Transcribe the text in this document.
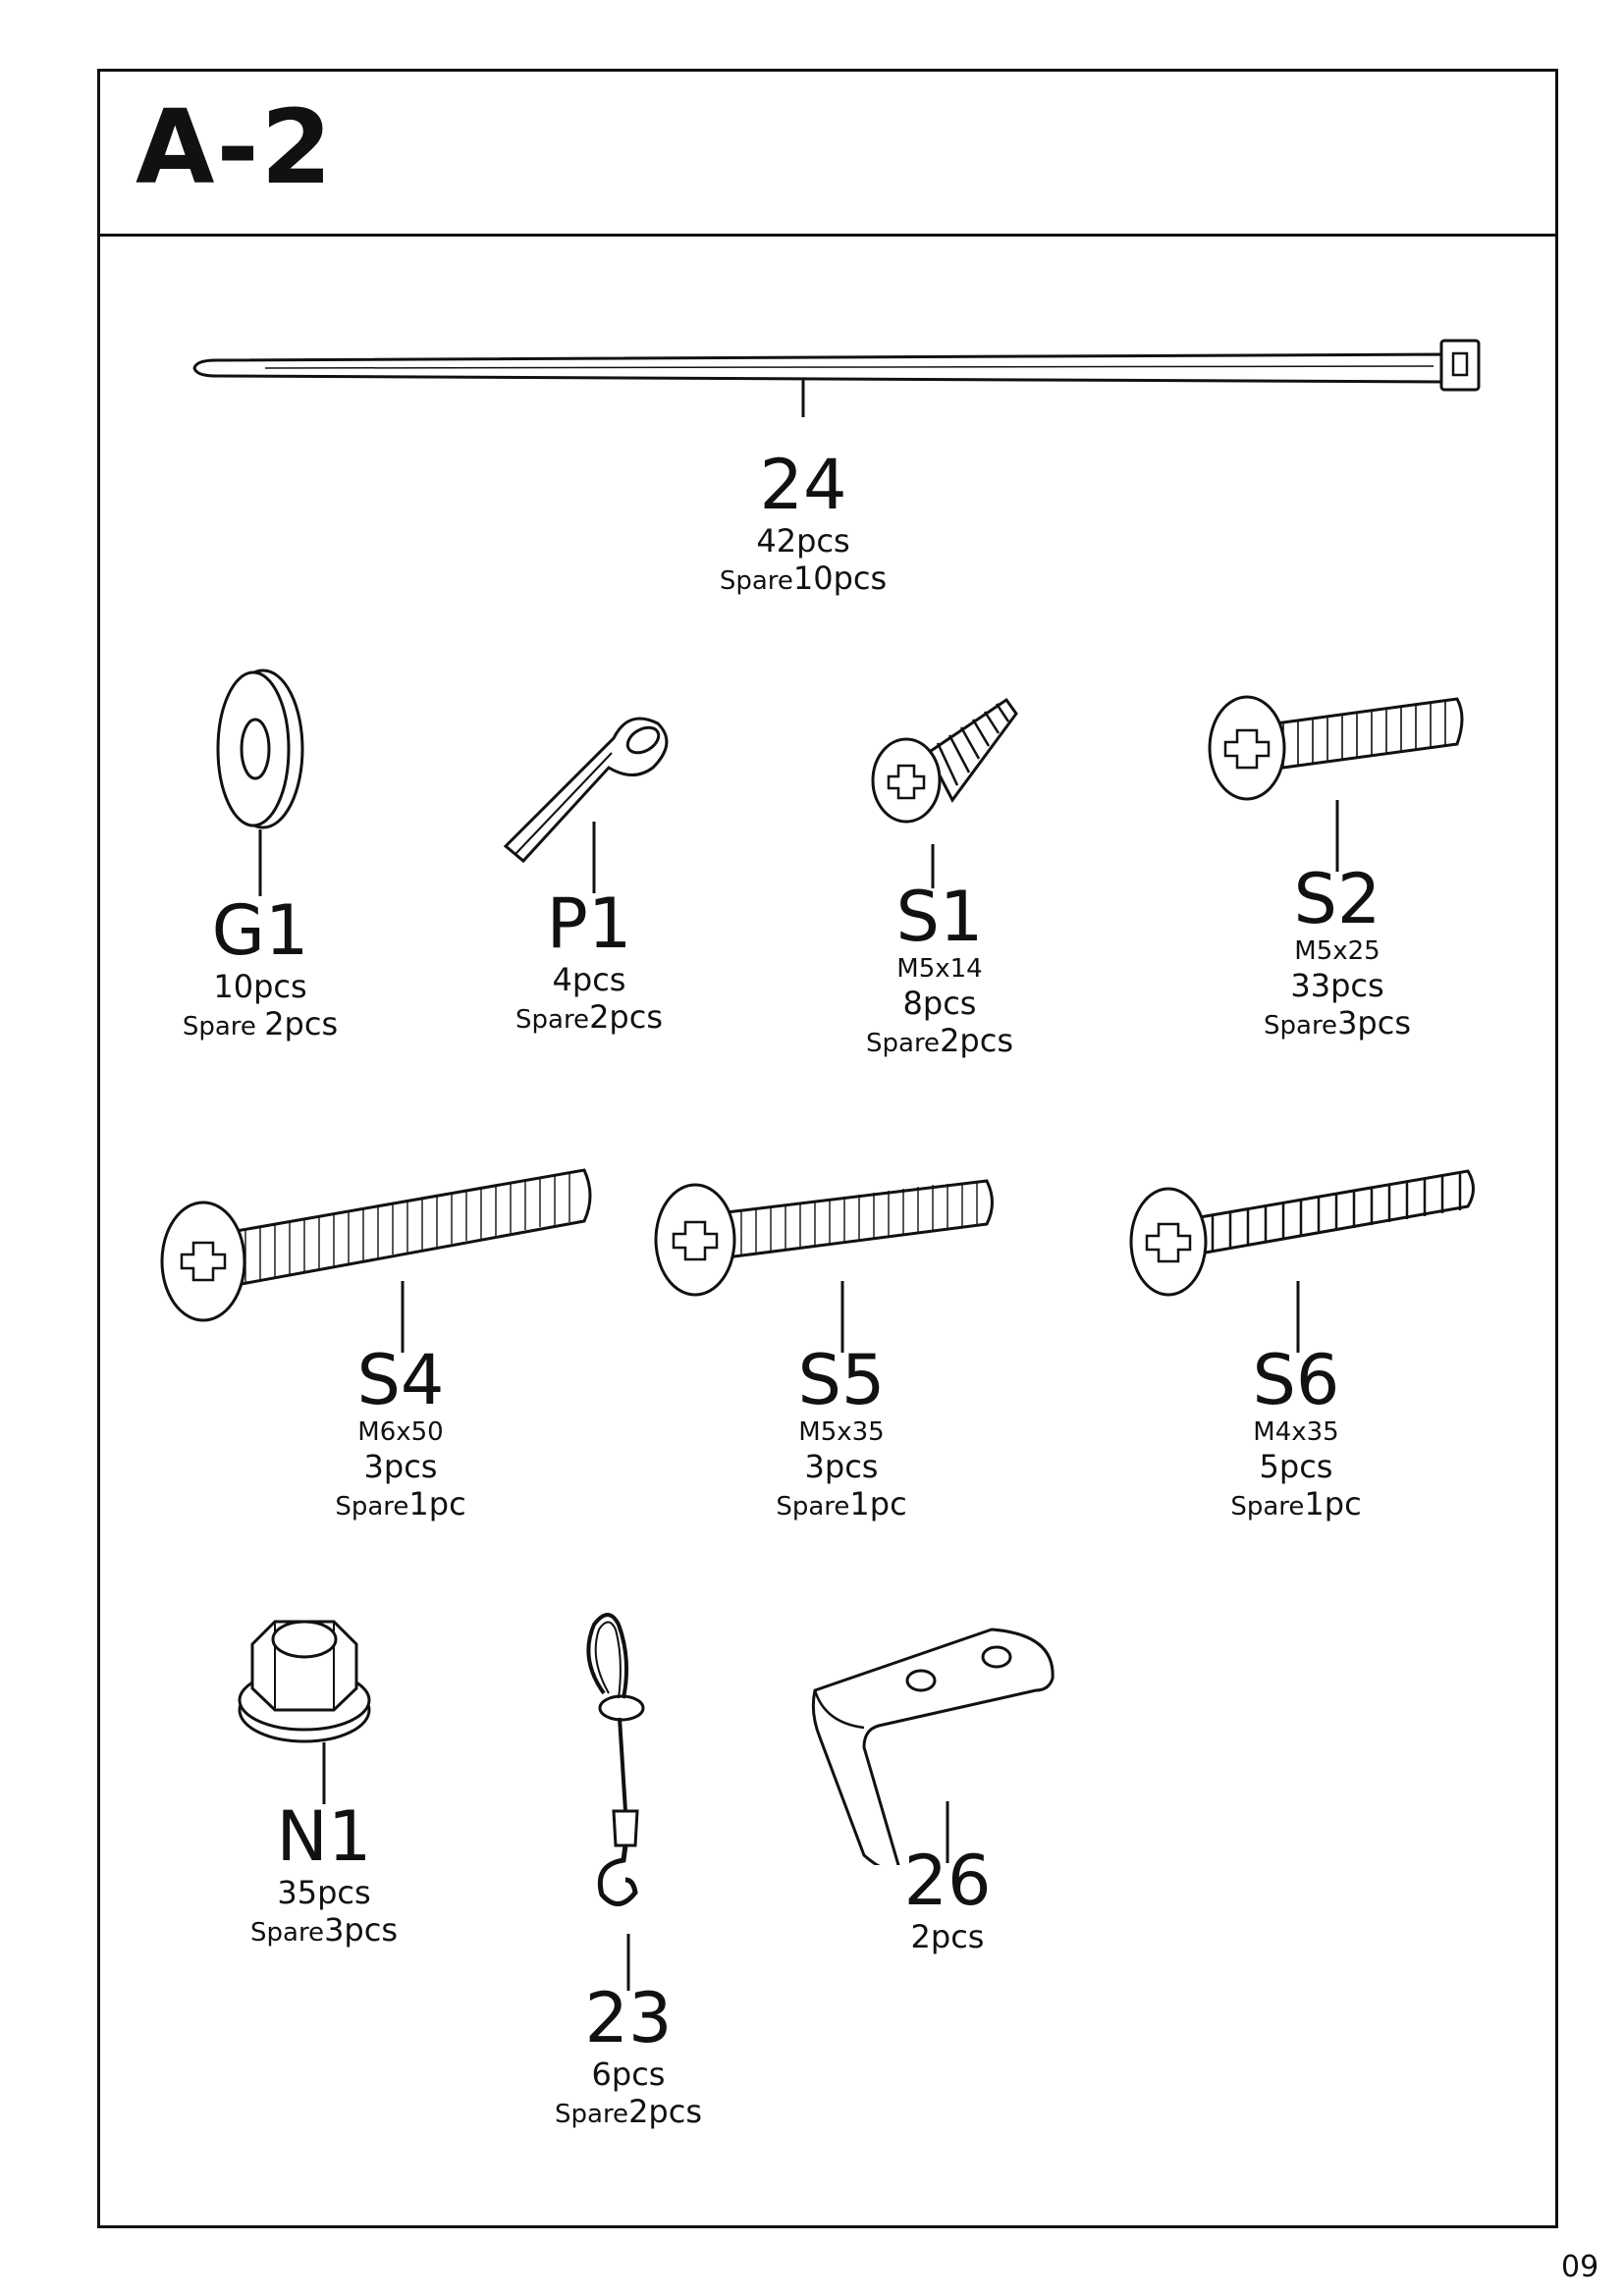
A-2
24
42pcs
Spare10pcs
G1
10pcs
Spare 2pcs
P1
4pcs
Spare2pcs
S1
M5x14
8pcs
Spare2pcs
S2
M5x25
33pcs
Spare3pcs
S4
M6x50
3pcs
Spare1pc
S5
M5x35
3pcs
Spare1pc
S6
M4x35
5pcs
Spare1pc
N1
35pcs
Spare3pcs
23
6pcs
Spare2pcs
26
2pcs
09
